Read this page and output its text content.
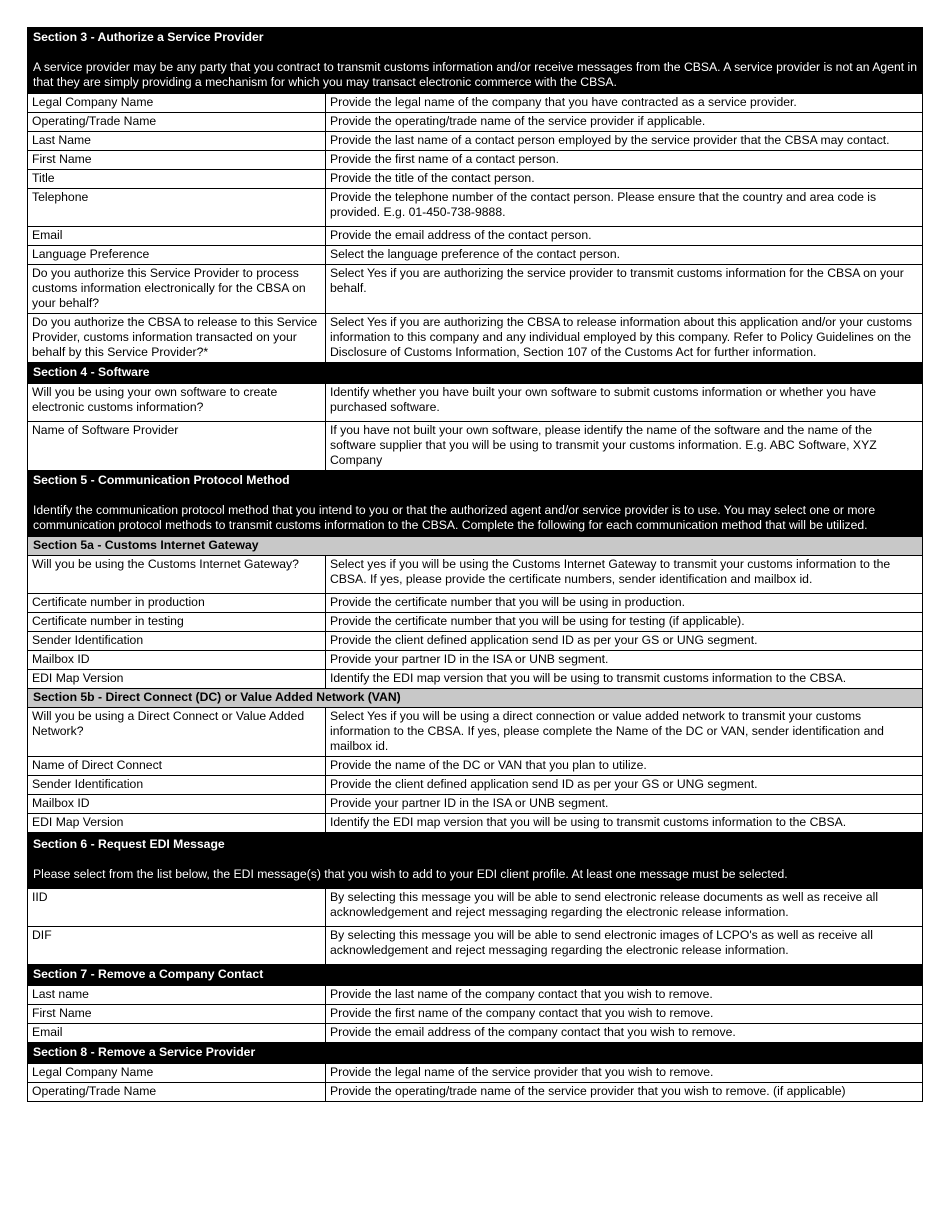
Section 3 - Authorize a Service Provider
A service provider may be any party that you contract to transmit customs information and/or receive messages from the CBSA. A service provider is not an Agent in that they are simply providing a mechanism for which you may transact electronic commerce with the CBSA.	

Legal Company Name	Provide the legal name of the company that you have contracted as a service provider.
Operating/Trade Name	Provide the operating/trade name of the service provider if applicable.
Last Name	Provide the last name of a contact person employed by the service provider that the CBSA may contact.
First Name	Provide the first name of a contact person.
Title	Provide the title of the contact person.
Telephone	Provide the telephone number of the contact person. Please ensure that the country and area code is provided. E.g. 01-450-738-9888.
Email	Provide the email address of the contact person.
Language Preference	Select the language preference of the contact person.
Do you authorize this Service Provider to process customs information electronically for the CBSA on your behalf?	Select Yes if you are authorizing the service provider to transmit customs information for the CBSA on your behalf.
Do you authorize the CBSA to release to this Service Provider, customs information transacted on your behalf by this Service Provider?*	Select Yes if you are authorizing the CBSA to release information about this application and/or your customs information to this company and any individual employed by this company. Refer to Policy Guidelines on the Disclosure of Customs Information, Section 107 of the Customs Act for further information.
Section 4 - Software	
Will you be using your own software to create electronic customs information?	Identify whether you have built your own software to submit customs information or whether you have purchased software.
Name of Software Provider	If you have not built your own software, please identify the name of the software and the name of the software supplier that you will be using to transmit your customs information. E.g. ABC Software, XYZ Company

Section 5 - Communication Protocol Method
Identify the communication protocol method that you intend to you or that the authorized agent and/or service provider is to use. You may select one or more communication protocol methods to transmit customs information to the CBSA. Complete the following for each communication method that will be utilized.	

Section 5a - Customs Internet Gateway	
Will you be using the Customs Internet Gateway?	Select yes if you will be using the Customs Internet Gateway to transmit your customs information to the CBSA. If yes, please provide the certificate numbers, sender identification and mailbox id.
Certificate number in production	Provide the certificate number that you will be using in production.
Certificate number in testing	Provide the certificate number that you will be using for testing (if applicable).
Sender Identification	Provide the client defined application send ID as per your GS or UNG segment.
Mailbox ID	Provide your partner ID in the ISA or UNB segment.
EDI Map Version	Identify the EDI map version that you will be using to transmit customs information to the CBSA.
Section 5b - Direct Connect (DC) or Value Added Network (VAN)	
Will you be using a Direct Connect or Value Added Network?	Select Yes if you will be using a direct connection or value added network to transmit your customs information to the CBSA. If yes, please complete the Name of the DC or VAN, sender identification and mailbox id.
Name of Direct Connect	Provide the name of the DC or VAN that you plan to utilize.
Sender Identification	Provide the client defined application send ID as per your GS or UNG segment.
Mailbox ID	Provide your partner ID in the ISA or UNB segment.
EDI Map Version	Identify the EDI map version that you will be using to transmit customs information to the CBSA.

Section 6 - Request EDI Message
Please select from the list below, the EDI message(s) that you wish to add to your EDI client profile. At least one message must be selected.	

IID	By selecting this message you will be able to send electronic release documents as well as receive all acknowledgement and reject messaging regarding the electronic release information.
DIF	By selecting this message you will be able to send electronic images of LCPO's as well as receive all acknowledgement and reject messaging regarding the electronic release information.
Section 7 - Remove a Company Contact	
Last name	Provide the last name of the company contact that you wish to remove.
First Name	Provide the first name of the company contact that you wish to remove.
Email	Provide the email address of the company contact that you wish to remove.
Section 8 - Remove a Service Provider	
Legal Company Name	Provide the legal name of the service provider that you wish to remove.
Operating/Trade Name	Provide the operating/trade name of the service provider that you wish to remove. (if applicable)
